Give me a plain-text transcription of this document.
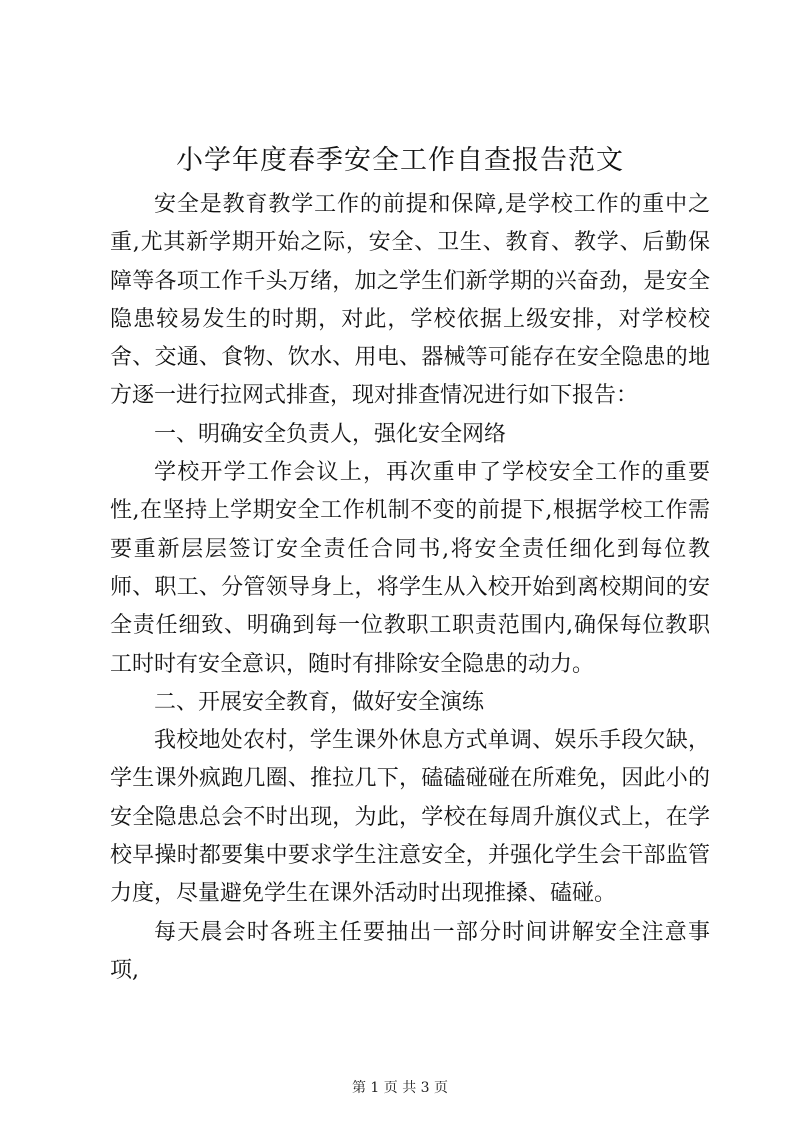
小学年度春季安全工作自查报告范文

安全是教育教学工作的前提和保障,是学校工作的重中之重,尤其新学期开始之际，安全、卫生、教育、教学、后勤保障等各项工作千头万绪，加之学生们新学期的兴奋劲，是安全隐患较易发生的时期，对此，学校依据上级安排，对学校校舍、交通、食物、饮水、用电、器械等可能存在安全隐患的地方逐一进行拉网式排查，现对排查情况进行如下报告：

一、明确安全负责人，强化安全网络

学校开学工作会议上，再次重申了学校安全工作的重要性,在坚持上学期安全工作机制不变的前提下,根据学校工作需要重新层层签订安全责任合同书,将安全责任细化到每位教师、职工、分管领导身上，将学生从入校开始到离校期间的安全责任细致、明确到每一位教职工职责范围内,确保每位教职工时时有安全意识，随时有排除安全隐患的动力。

二、开展安全教育，做好安全演练

我校地处农村，学生课外休息方式单调、娱乐手段欠缺，学生课外疯跑几圈、推拉几下，磕磕碰碰在所难免，因此小的安全隐患总会不时出现，为此，学校在每周升旗仪式上，在学校早操时都要集中要求学生注意安全，并强化学生会干部监管力度，尽量避免学生在课外活动时出现推搡、磕碰。

每天晨会时各班主任要抽出一部分时间讲解安全注意事项,

第 1 页 共 3 页
